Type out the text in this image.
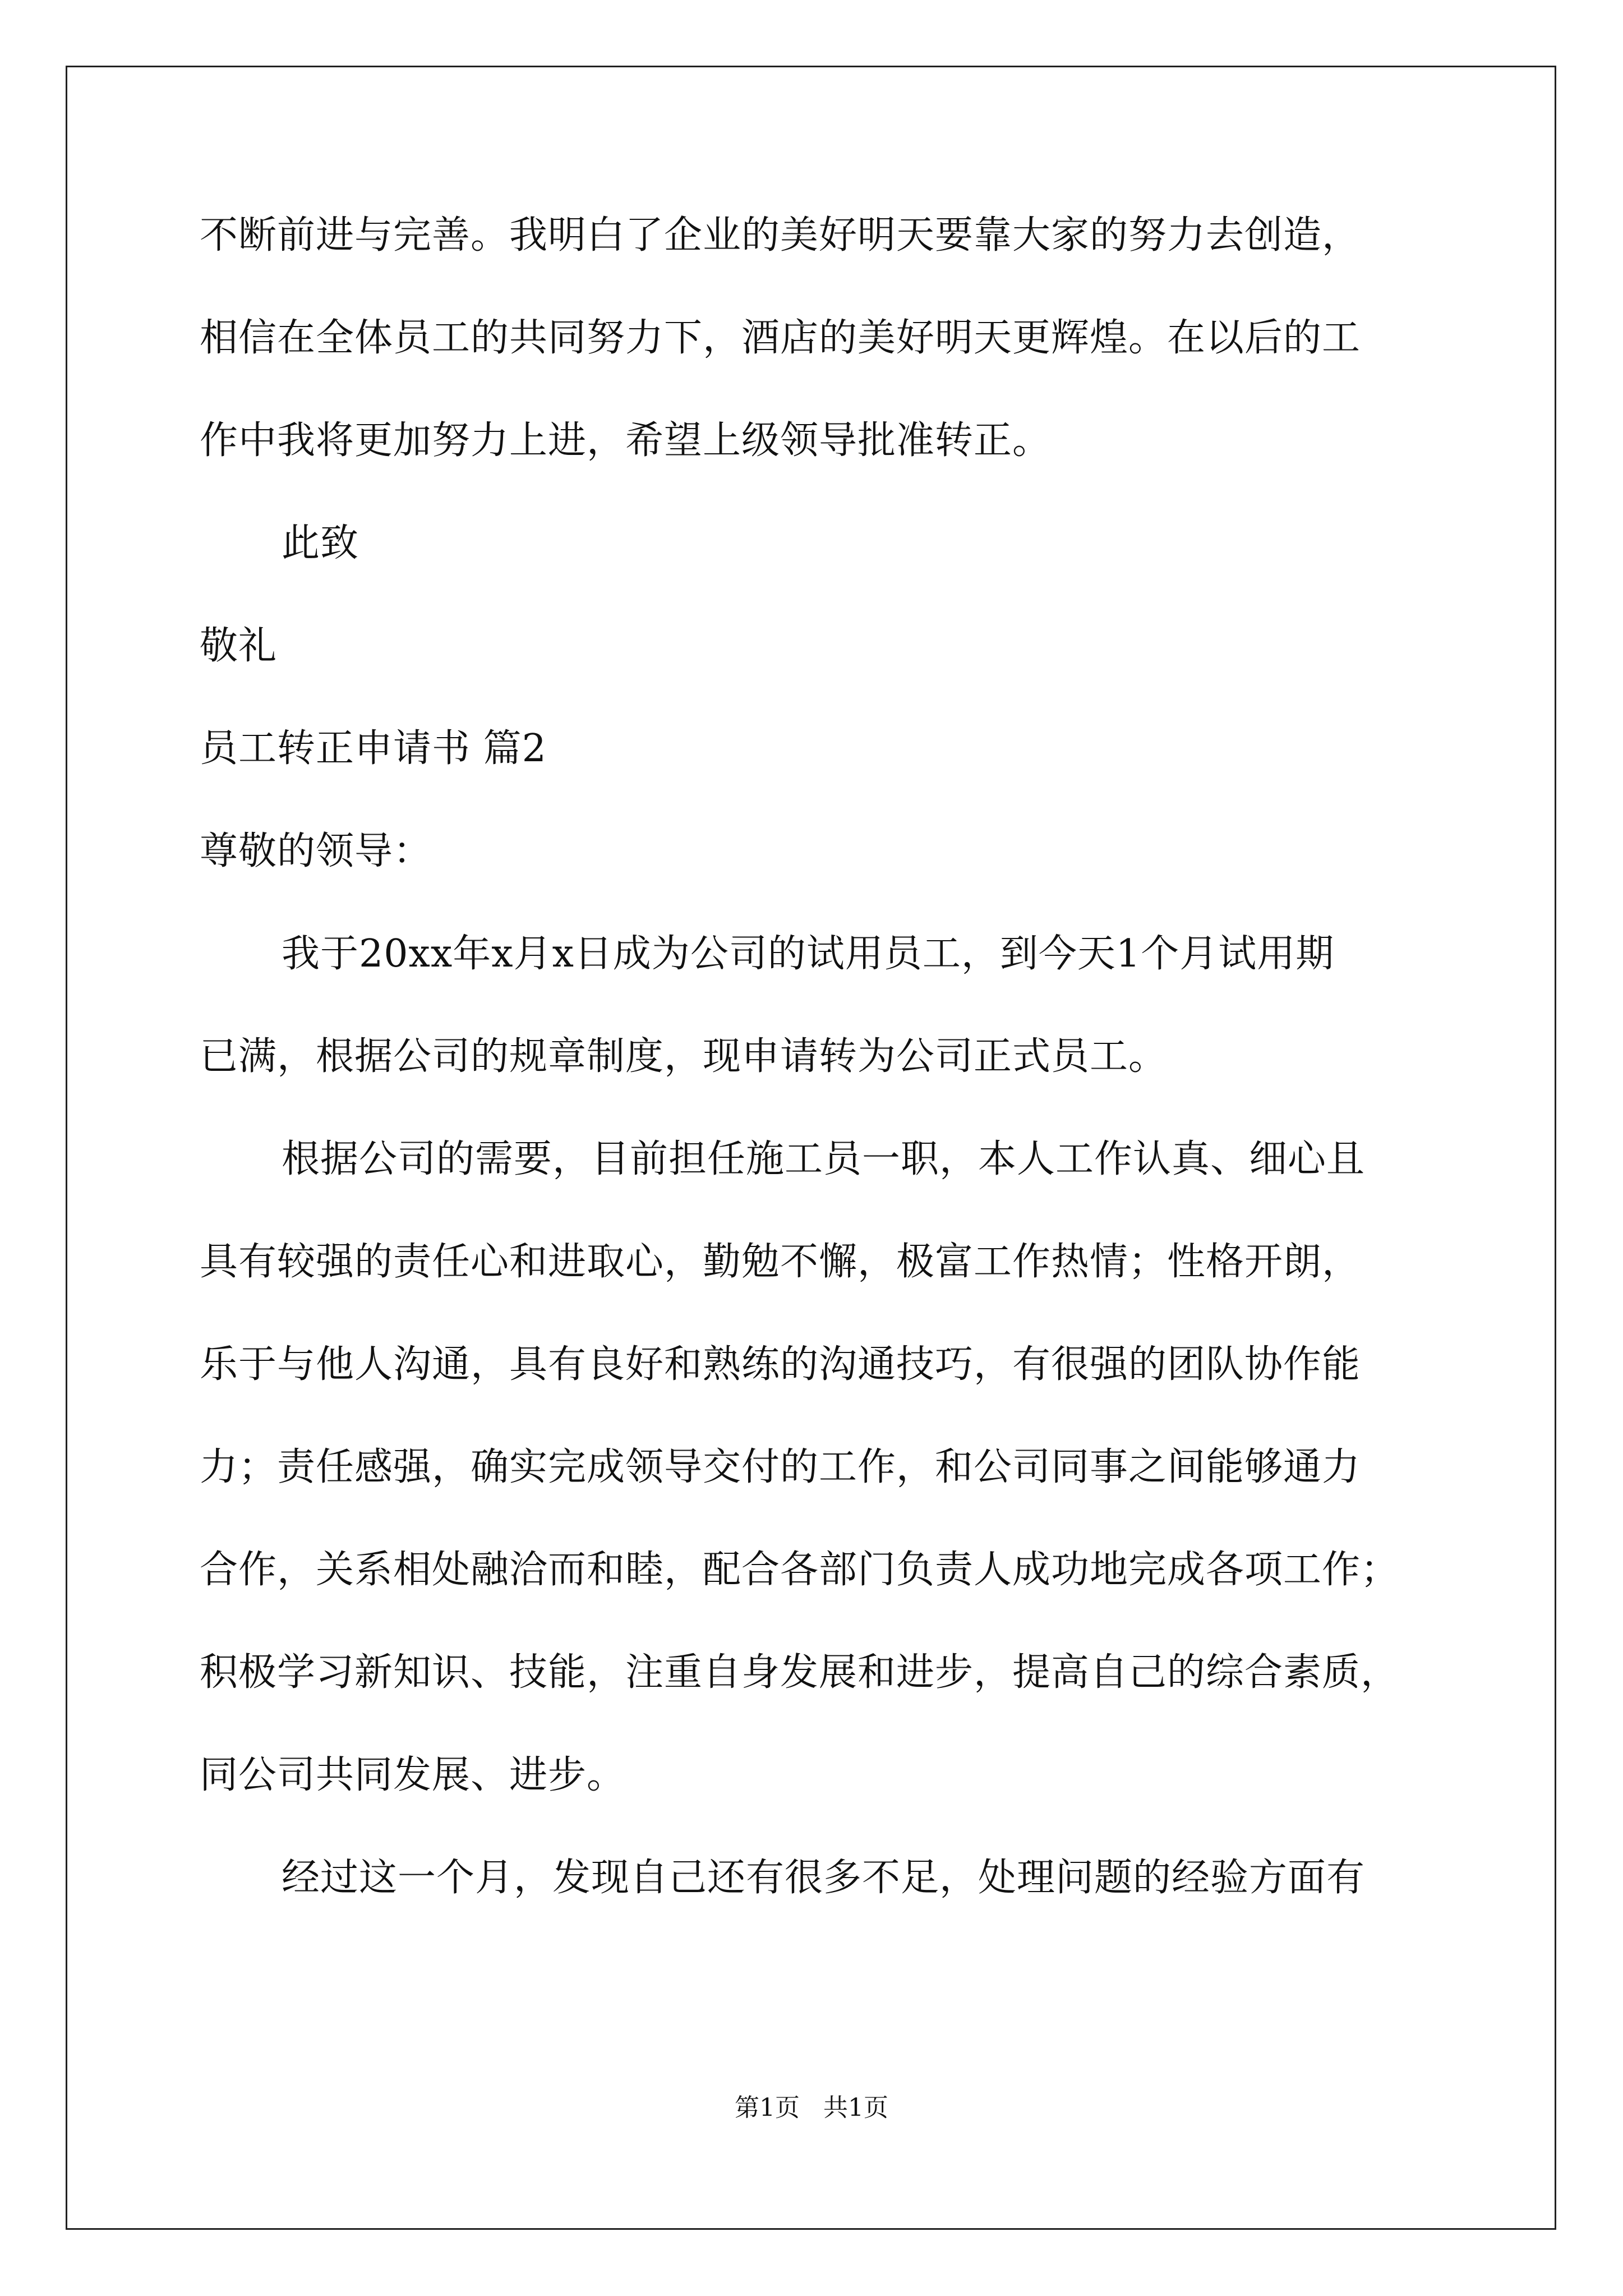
不断前进与完善。我明白了企业的美好明天要靠大家的努力去创造，
相信在全体员工的共同努力下，酒店的美好明天更辉煌。在以后的工
作中我将更加努力上进，希望上级领导批准转正。
此致
敬礼
员工转正申请书 篇2
尊敬的领导：
我于20xx年x月x日成为公司的试用员工，到今天1个月试用期
已满，根据公司的规章制度，现申请转为公司正式员工。
根据公司的需要，目前担任施工员一职，本人工作认真、细心且
具有较强的责任心和进取心，勤勉不懈，极富工作热情；性格开朗，
乐于与他人沟通，具有良好和熟练的沟通技巧，有很强的团队协作能
力；责任感强，确实完成领导交付的工作，和公司同事之间能够通力
合作，关系相处融洽而和睦，配合各部门负责人成功地完成各项工作；
积极学习新知识、技能，注重自身发展和进步，提高自己的综合素质，
同公司共同发展、进步。
经过这一个月，发现自己还有很多不足，处理问题的经验方面有
第1页   共1页
